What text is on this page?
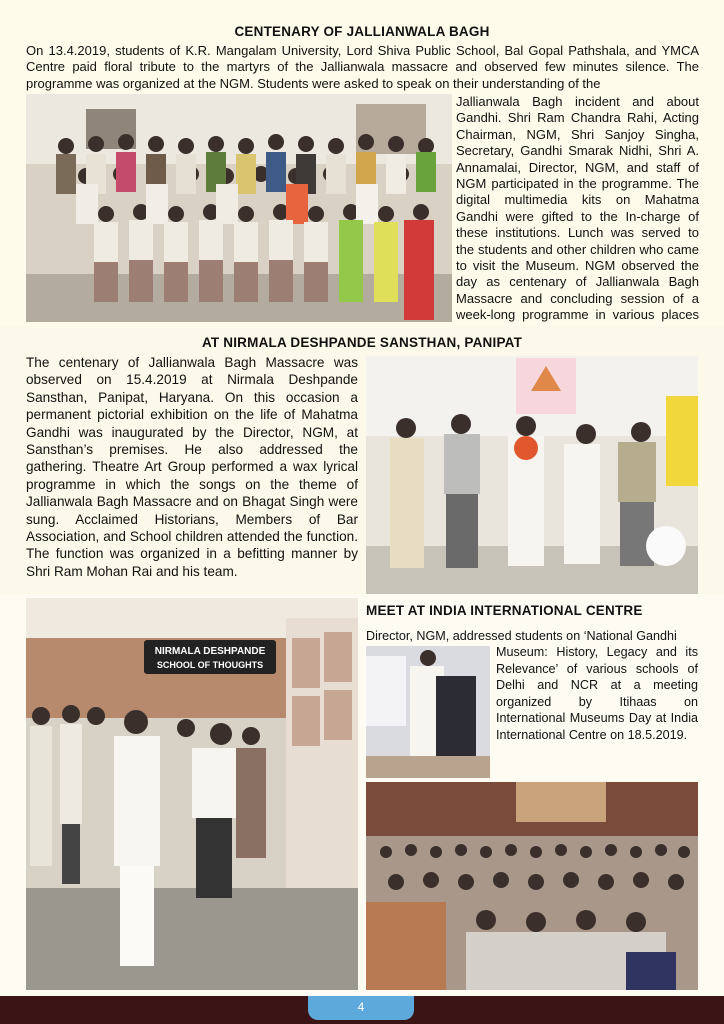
CENTENARY OF JALLIANWALA BAGH

On 13.4.2019, students of K.R. Mangalam University, Lord Shiva Public School, Bal Gopal Pathshala, and YMCA Centre paid floral tribute to the martyrs of the Jallianwala massacre and observed few minutes silence. The programme was organized at the NGM. Students were asked to speak on their understanding of the

Jallianwala Bagh incident and about Gandhi. Shri Ram Chandra Rahi, Acting Chairman, NGM, Shri Sanjoy Singha, Secretary, Gandhi Smarak Nidhi, Shri A. Annamalai, Director, NGM, and staff of NGM participated in the programme. The digital multimedia kits on Mahatma Gandhi were gifted to the In-charge of these institutions. Lunch was served to the students and other children who came to visit the Museum. NGM observed the day as centenary of Jallianwala Bagh Massacre and concluding session of a week-long programme in various places

AT NIRMALA DESHPANDE SANSTHAN, PANIPAT

The centenary of Jallianwala Bagh Massacre was observed on 15.4.2019 at Nirmala Deshpande Sansthan, Panipat, Haryana. On this occasion a permanent pictorial exhibition on the life of Mahatma Gandhi was inaugurated by the Director, NGM, at Sansthan’s premises. He also addressed the gathering. Theatre Art Group performed a wax lyrical programme in which the songs on the theme of Jallianwala Bagh Massacre and on Bhagat Singh were sung. Acclaimed Historians, Members of Bar Association, and School children attended the function. The function was organized in a befitting manner by Shri Ram Mohan Rai and his team.

NIRMALA DESHPANDE
SCHOOL OF THOUGHTS
MEET AT INDIA INTERNATIONAL CENTRE

Director, NGM, addressed students on ‘National Gandhi

Museum: History, Legacy and its Relevance’ of various schools of Delhi and NCR at a meeting organized by Itihaas on International Museums Day at India International Centre on 18.5.2019.

4
